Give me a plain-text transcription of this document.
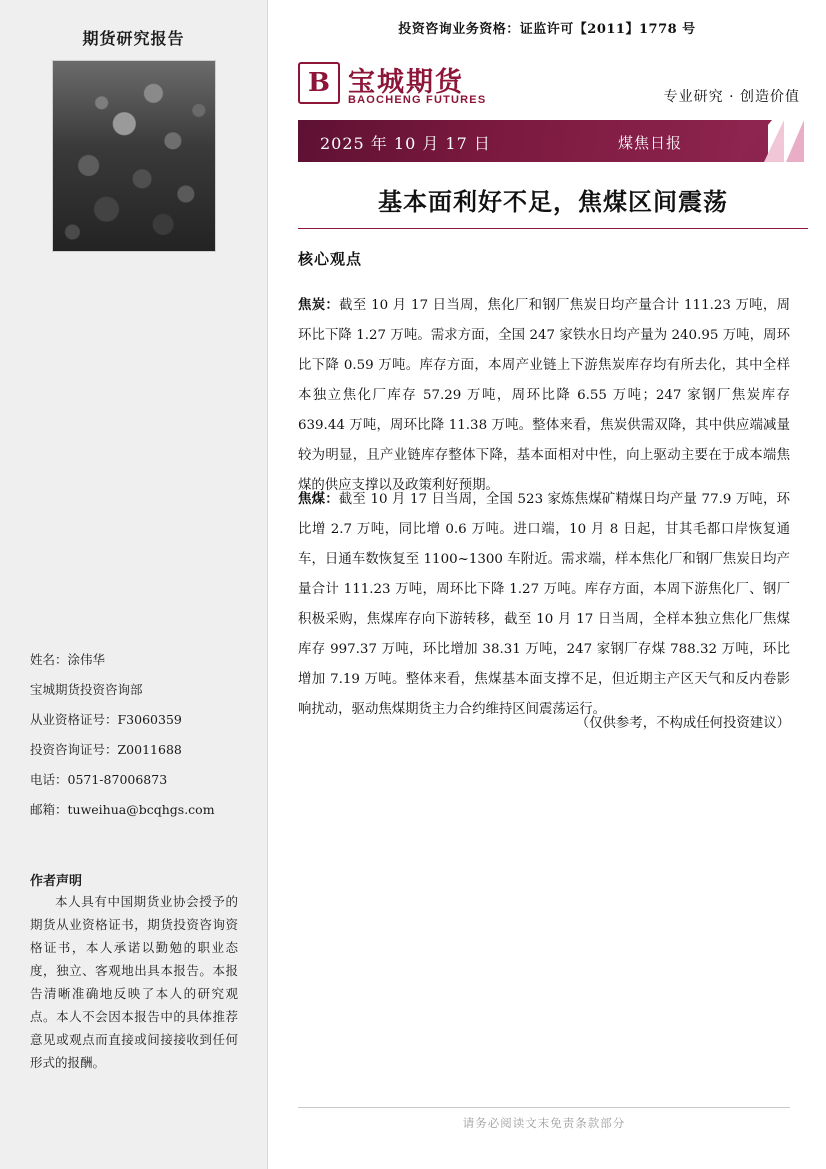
期货研究报告
姓名：涂伟华
宝城期货投资咨询部
从业资格证号：F3060359
投资咨询证号：Z0011688
电话：0571-87006873
邮箱：tuweihua@bcqhgs.com
作者声明
本人具有中国期货业协会授予的期货从业资格证书，期货投资咨询资格证书，本人承诺以勤勉的职业态度，独立、客观地出具本报告。本报告清晰准确地反映了本人的研究观点。本人不会因本报告中的具体推荐意见或观点而直接或间接接收到任何形式的报酬。
投资咨询业务资格：证监许可【2011】1778 号
B 宝城期货
BAOCHENG FUTURES	专业研究 · 创造价值
2025 年 10 月 17 日	煤焦日报
基本面利好不足，焦煤区间震荡
核心观点
焦炭：截至 10 月 17 日当周，焦化厂和钢厂焦炭日均产量合计 111.23 万吨，周环比下降 1.27 万吨。需求方面，全国 247 家铁水日均产量为 240.95 万吨，周环比下降 0.59 万吨。库存方面，本周产业链上下游焦炭库存均有所去化，其中全样本独立焦化厂库存 57.29 万吨，周环比降 6.55 万吨；247 家钢厂焦炭库存 639.44 万吨，周环比降 11.38 万吨。整体来看，焦炭供需双降，其中供应端减量较为明显，且产业链库存整体下降，基本面相对中性，向上驱动主要在于成本端焦煤的供应支撑以及政策利好预期。
焦煤：截至 10 月 17 日当周，全国 523 家炼焦煤矿精煤日均产量 77.9 万吨，环比增 2.7 万吨，同比增 0.6 万吨。进口端，10 月 8 日起，甘其毛都口岸恢复通车，日通车数恢复至 1100~1300 车附近。需求端，样本焦化厂和钢厂焦炭日均产量合计 111.23 万吨，周环比下降 1.27 万吨。库存方面，本周下游焦化厂、钢厂积极采购，焦煤库存向下游转移，截至 10 月 17 日当周，全样本独立焦化厂焦煤库存 997.37 万吨，环比增加 38.31 万吨，247 家钢厂存煤 788.32 万吨，环比增加 7.19 万吨。整体来看，焦煤基本面支撑不足，但近期主产区天气和反内卷影响扰动，驱动焦煤期货主力合约维持区间震荡运行。
（仅供参考，不构成任何投资建议）
请务必阅读文末免责条款部分
